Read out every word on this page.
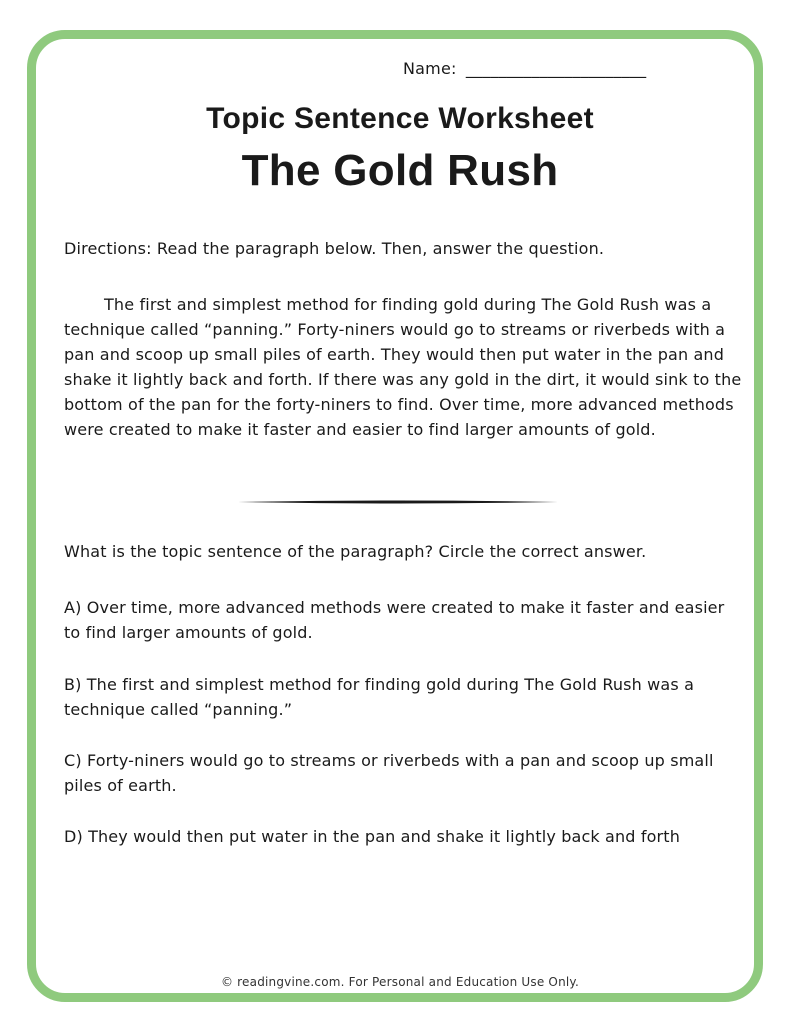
Name: ______________________
Topic Sentence Worksheet
The Gold Rush

Directions: Read the paragraph below. Then, answer the question.

The first and simplest method for finding gold during The Gold Rush was a technique called “panning.” Forty-niners would go to streams or riverbeds with a pan and scoop up small piles of earth. They would then put water in the pan and shake it lightly back and forth. If there was any gold in the dirt, it would sink to the bottom of the pan for the forty-niners to find. Over time, more advanced methods were created to make it faster and easier to find larger amounts of gold.

What is the topic sentence of the paragraph? Circle the correct answer.

A) Over time, more advanced methods were created to make it faster and easier to find larger amounts of gold.

B) The first and simplest method for finding gold during The Gold Rush was a technique called “panning.”

C) Forty-niners would go to streams or riverbeds with a pan and scoop up small piles of earth.

D) They would then put water in the pan and shake it lightly back and forth

© readingvine.com. For Personal and Education Use Only.
